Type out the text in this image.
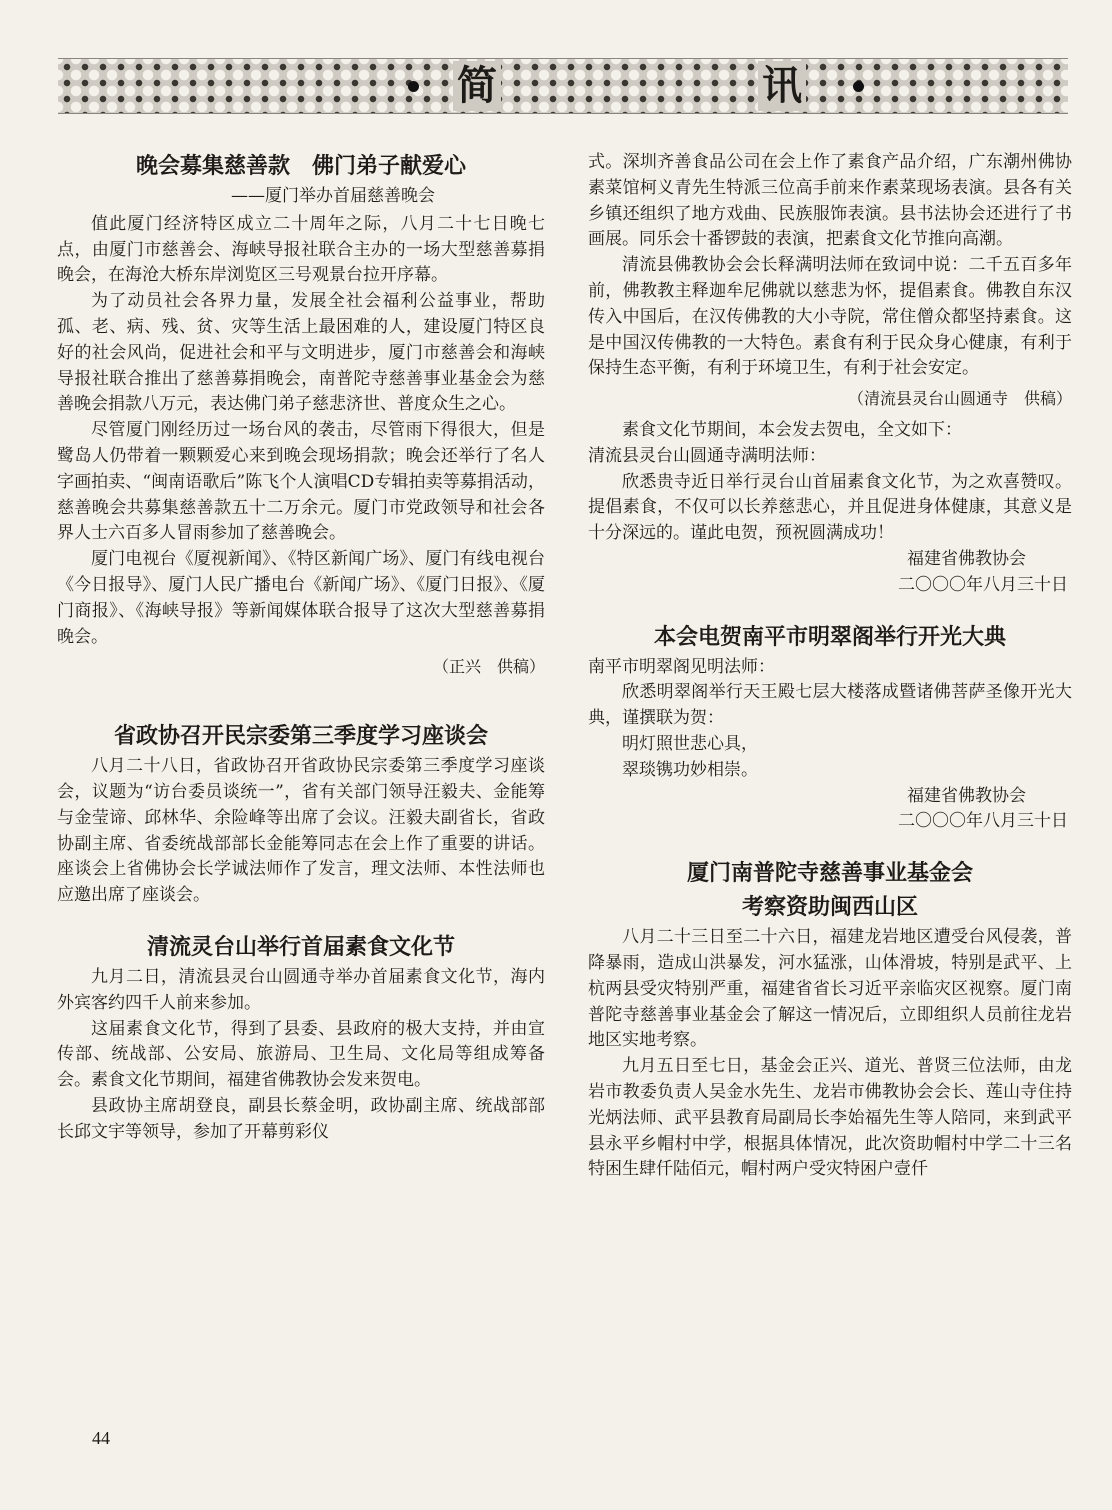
简	讯
晚会募集慈善款　佛门弟子献爱心
——厦门举办首届慈善晚会

值此厦门经济特区成立二十周年之际，八月二十七日晚七点，由厦门市慈善会、海峡导报社联合主办的一场大型慈善募捐晚会，在海沧大桥东岸浏览区三号观景台拉开序幕。

为了动员社会各界力量，发展全社会福利公益事业，帮助孤、老、病、残、贫、灾等生活上最困难的人，建设厦门特区良好的社会风尚，促进社会和平与文明进步，厦门市慈善会和海峡导报社联合推出了慈善募捐晚会，南普陀寺慈善事业基金会为慈善晚会捐款八万元，表达佛门弟子慈悲济世、普度众生之心。

尽管厦门刚经历过一场台风的袭击，尽管雨下得很大，但是鹭岛人仍带着一颗颗爱心来到晚会现场捐款；晚会还举行了名人字画拍卖、“闽南语歌后”陈飞个人演唱CD专辑拍卖等募捐活动，慈善晚会共募集慈善款五十二万余元。厦门市党政领导和社会各界人士六百多人冒雨参加了慈善晚会。

厦门电视台《厦视新闻》、《特区新闻广场》、厦门有线电视台《今日报导》、厦门人民广播电台《新闻广场》、《厦门日报》、《厦门商报》、《海峡导报》等新闻媒体联合报导了这次大型慈善募捐晚会。

（正兴　供稿）
省政协召开民宗委第三季度学习座谈会

八月二十八日，省政协召开省政协民宗委第三季度学习座谈会，议题为“访台委员谈统一”，省有关部门领导汪毅夫、金能筹与金莹谛、邱林华、余险峰等出席了会议。汪毅夫副省长，省政协副主席、省委统战部部长金能筹同志在会上作了重要的讲话。座谈会上省佛协会长学诚法师作了发言，理文法师、本性法师也应邀出席了座谈会。

清流灵台山举行首届素食文化节

九月二日，清流县灵台山圆通寺举办首届素食文化节，海内外宾客约四千人前来参加。

这届素食文化节，得到了县委、县政府的极大支持，并由宣传部、统战部、公安局、旅游局、卫生局、文化局等组成筹备会。素食文化节期间，福建省佛教协会发来贺电。

县政协主席胡登良，副县长蔡金明，政协副主席、统战部部长邱文宇等领导，参加了开幕剪彩仪

式。深圳齐善食品公司在会上作了素食产品介绍，广东潮州佛协素菜馆柯义青先生特派三位高手前来作素菜现场表演。县各有关乡镇还组织了地方戏曲、民族服饰表演。县书法协会还进行了书画展。同乐会十番锣鼓的表演，把素食文化节推向高潮。

清流县佛教协会会长释满明法师在致词中说：二千五百多年前，佛教教主释迦牟尼佛就以慈悲为怀，提倡素食。佛教自东汉传入中国后，在汉传佛教的大小寺院，常住僧众都坚持素食。这是中国汉传佛教的一大特色。素食有利于民众身心健康，有利于保持生态平衡，有利于环境卫生，有利于社会安定。

（清流县灵台山圆通寺　供稿）

素食文化节期间，本会发去贺电，全文如下：

清流县灵台山圆通寺满明法师：

欣悉贵寺近日举行灵台山首届素食文化节，为之欢喜赞叹。提倡素食，不仅可以长养慈悲心，并且促进身体健康，其意义是十分深远的。谨此电贺，预祝圆满成功！

福建省佛教协会

二〇〇〇年八月三十日

本会电贺南平市明翠阁举行开光大典

南平市明翠阁见明法师：

欣悉明翠阁举行天王殿七层大楼落成暨诸佛菩萨圣像开光大典，谨撰联为贺：

明灯照世悲心具，

翠琰镌功妙相崇。

福建省佛教协会

二〇〇〇年八月三十日

厦门南普陀寺慈善事业基金会
考察资助闽西山区

八月二十三日至二十六日，福建龙岩地区遭受台风侵袭，普降暴雨，造成山洪暴发，河水猛涨，山体滑坡，特别是武平、上杭两县受灾特别严重，福建省省长习近平亲临灾区视察。厦门南普陀寺慈善事业基金会了解这一情况后，立即组织人员前往龙岩地区实地考察。

九月五日至七日，基金会正兴、道光、普贤三位法师，由龙岩市教委负责人吴金水先生、龙岩市佛教协会会长、莲山寺住持光炳法师、武平县教育局副局长李始福先生等人陪同，来到武平县永平乡帽村中学，根据具体情况，此次资助帽村中学二十三名特困生肆仟陆佰元，帽村两户受灾特困户壹仟

44
